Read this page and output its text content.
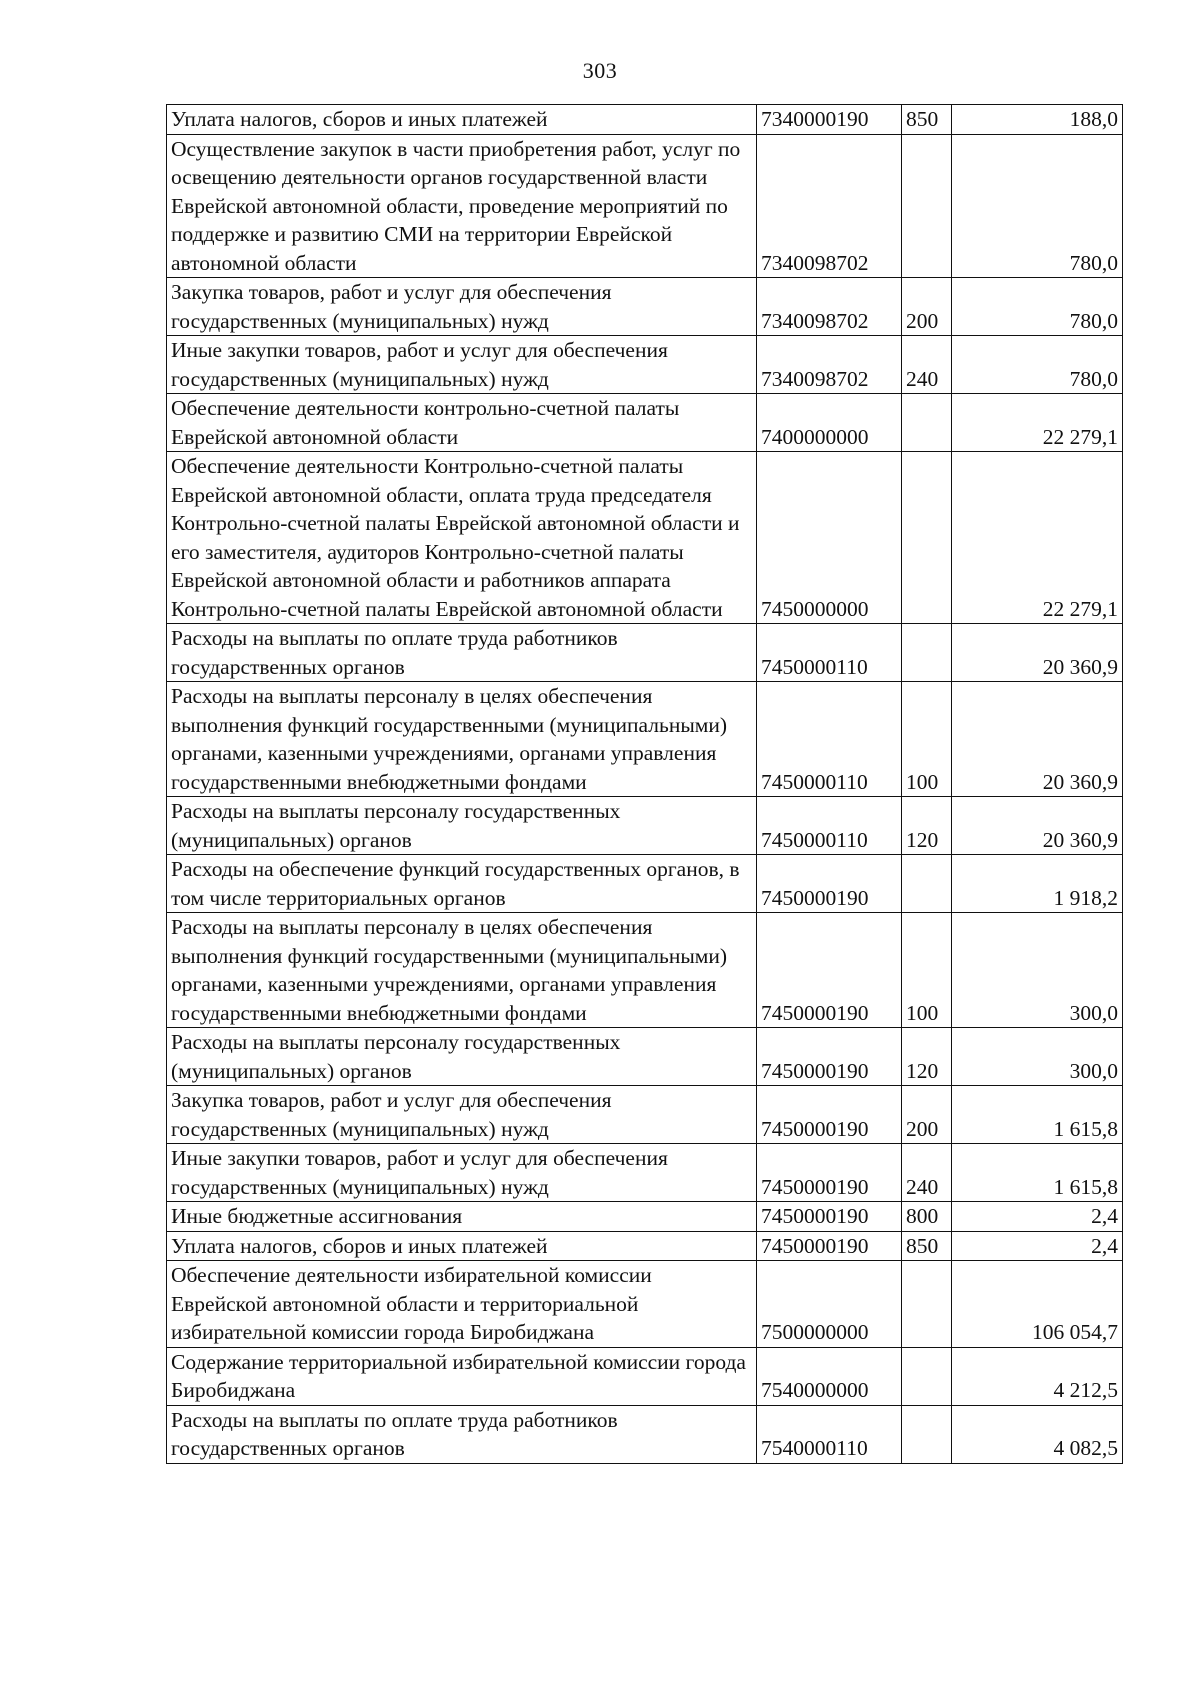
303
Уплата налогов, сборов и иных платежей	7340000190	850	188,0
Осуществление закупок в части приобретения работ, услуг по освещению деятельности органов государственной власти Еврейской автономной области, проведение мероприятий по поддержке и развитию СМИ на территории Еврейской автономной области	7340098702		780,0
Закупка товаров, работ и услуг для обеспечения государственных (муниципальных) нужд	7340098702	200	780,0
Иные закупки товаров, работ и услуг для обеспечения государственных (муниципальных) нужд	7340098702	240	780,0
Обеспечение деятельности контрольно-счетной палаты Еврейской автономной области	7400000000		22 279,1
Обеспечение деятельности Контрольно-счетной палаты Еврейской автономной области, оплата труда председателя Контрольно-счетной палаты Еврейской автономной области и его заместителя, аудиторов Контрольно-счетной палаты Еврейской автономной области и работников аппарата Контрольно-счетной палаты Еврейской автономной области	7450000000		22 279,1
Расходы на выплаты по оплате труда работников государственных органов	7450000110		20 360,9
Расходы на выплаты персоналу в целях обеспечения выполнения функций государственными (муниципальными) органами, казенными учреждениями, органами управления государственными внебюджетными фондами	7450000110	100	20 360,9
Расходы на выплаты персоналу государственных (муниципальных) органов	7450000110	120	20 360,9
Расходы на обеспечение функций государственных органов, в том числе территориальных органов	7450000190		1 918,2
Расходы на выплаты персоналу в целях обеспечения выполнения функций государственными (муниципальными) органами, казенными учреждениями, органами управления государственными внебюджетными фондами	7450000190	100	300,0
Расходы на выплаты персоналу государственных (муниципальных) органов	7450000190	120	300,0
Закупка товаров, работ и услуг для обеспечения государственных (муниципальных) нужд	7450000190	200	1 615,8
Иные закупки товаров, работ и услуг для обеспечения государственных (муниципальных) нужд	7450000190	240	1 615,8
Иные бюджетные ассигнования	7450000190	800	2,4
Уплата налогов, сборов и иных платежей	7450000190	850	2,4
Обеспечение деятельности избирательной комиссии Еврейской автономной области и территориальной избирательной комиссии города Биробиджана	7500000000		106 054,7
Содержание территориальной избирательной комиссии города Биробиджана	7540000000		4 212,5
Расходы на выплаты по оплате труда работников государственных органов	7540000110		4 082,5
